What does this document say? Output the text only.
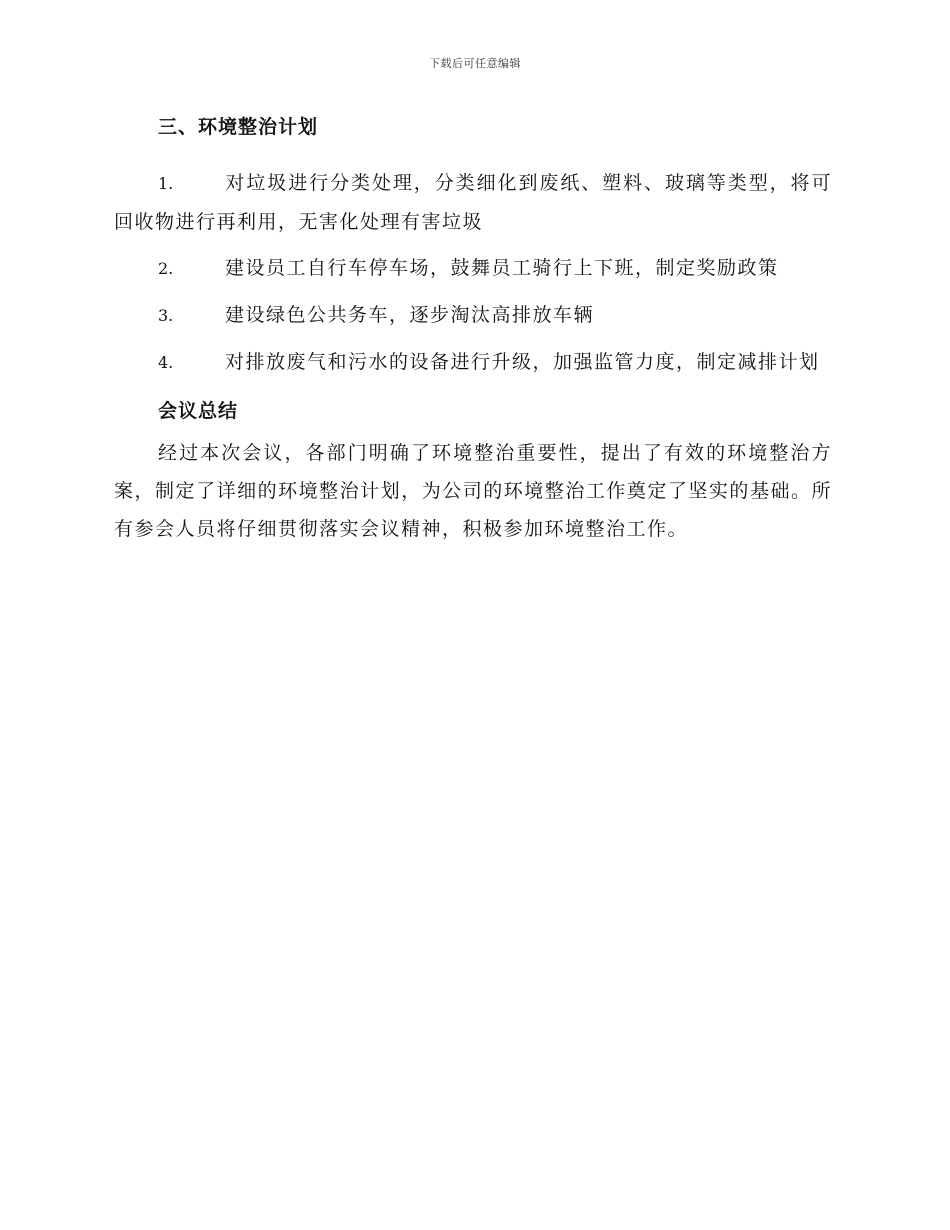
下载后可任意编辑
三、环境整治计划
1.	对垃圾进行分类处理，分类细化到废纸、塑料、玻璃等类型，将可回收物进行再利用，无害化处理有害垃圾
2.	建设员工自行车停车场，鼓舞员工骑行上下班，制定奖励政策
3.	建设绿色公共务车，逐步淘汰高排放车辆
4.	对排放废气和污水的设备进行升级，加强监管力度，制定减排计划
会议总结

经过本次会议，各部门明确了环境整治重要性，提出了有效的环境整治方案，制定了详细的环境整治计划，为公司的环境整治工作奠定了坚实的基础。所有参会人员将仔细贯彻落实会议精神，积极参加环境整治工作。
